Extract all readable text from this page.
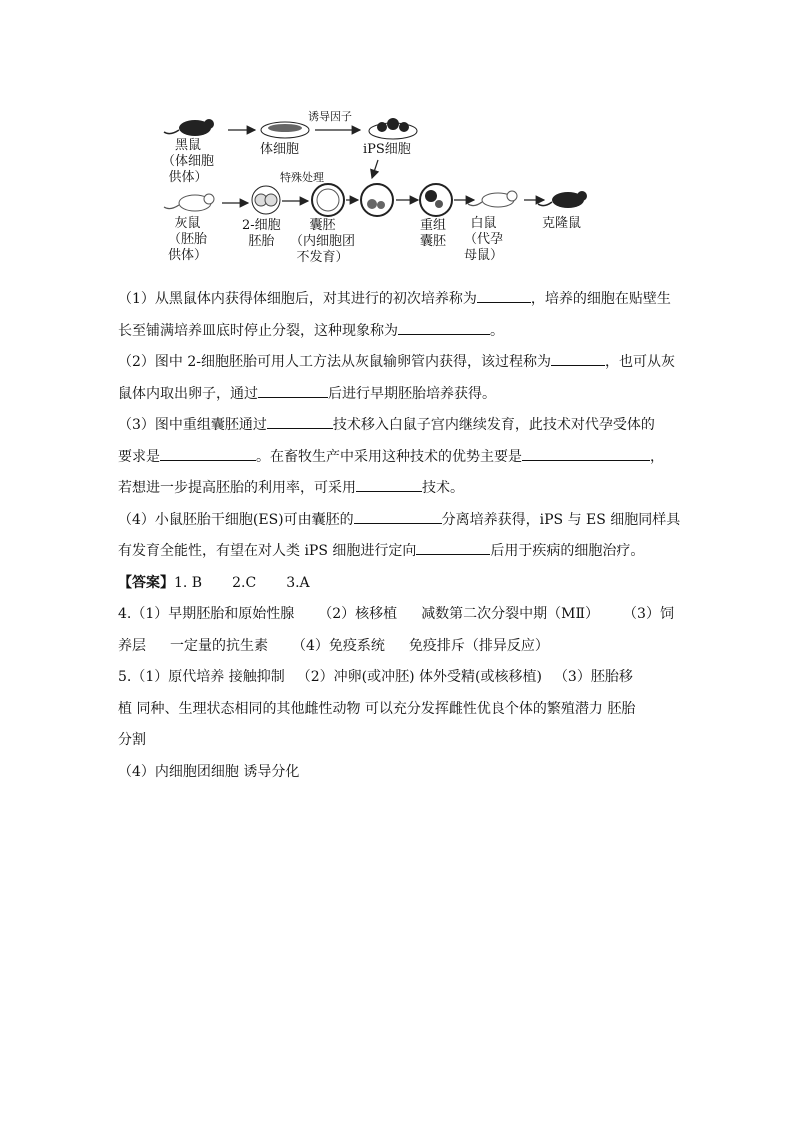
黑鼠
（体细胞
供体）
体细胞
诱导因子
iPS细胞
特殊处理
灰鼠
（胚胎
供体）
2-细胞
胚胎
囊胚
（内细胞团
不发育）
重组
囊胚
白鼠
（代孕
母鼠）
克隆鼠
（1）从黑鼠体内获得体细胞后，对其进行的初次培养称为	，培养的细胞在贴壁生
长至铺满培养皿底时停止分裂，这种现象称为	。
（2）图中 2-细胞胚胎可用人工方法从灰鼠输卵管内获得，该过程称为	，也可从灰
鼠体内取出卵子，通过	后进行早期胚胎培养获得。
（3）图中重组囊胚通过	技术移入白鼠子宫内继续发育，此技术对代孕受体的
要求是	。在畜牧生产中采用这种技术的优势主要是	，
若想进一步提高胚胎的利用率，可采用	技术。
（4）小鼠胚胎干细胞(ES)可由囊胚的	分离培养获得，iPS 与 ES 细胞同样具
有发育全能性，有望在对人类 iPS 细胞进行定向	后用于疾病的细胞治疗。
【答案】1. B 2.C 3.A
4.（1）早期胚胎和原始性腺 （2）核移植 减数第二次分裂中期（MⅡ） （3）饲
养层 一定量的抗生素 （4）免疫系统 免疫排斥（排异反应）
5.（1）原代培养 接触抑制 （2）冲卵(或冲胚) 体外受精(或核移植) （3）胚胎移
植 同种、生理状态相同的其他雌性动物 可以充分发挥雌性优良个体的繁殖潜力 胚胎
分割
（4）内细胞团细胞 诱导分化
